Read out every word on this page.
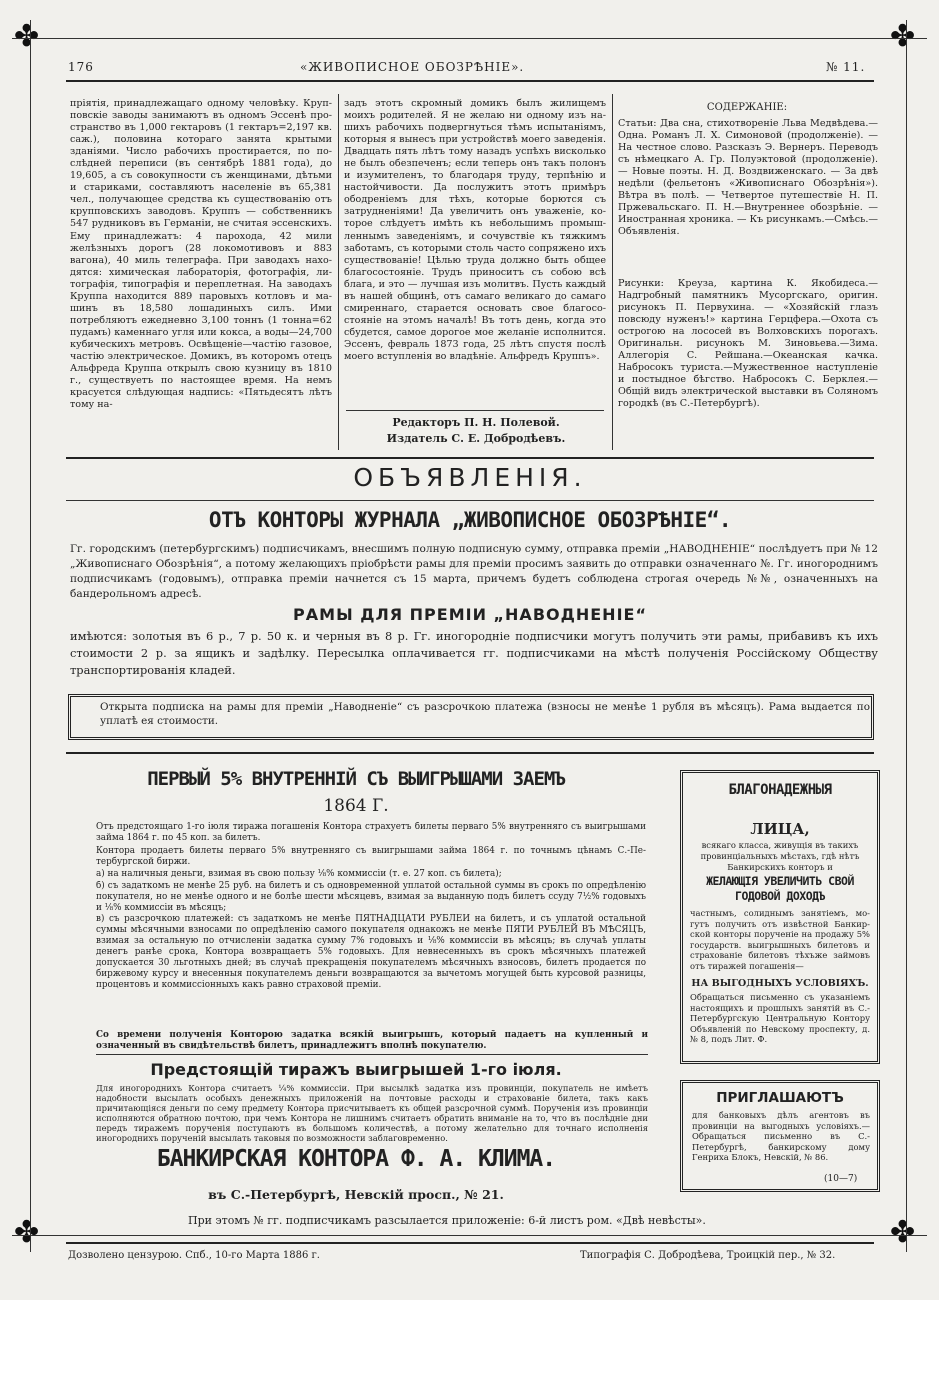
✤	✤
✤	✤
176	«ЖИВОПИСНОЕ ОБОЗРѢНІЕ».	№ 11.
пріятія, принадлежащаго одному человѣку. Крупповскіе заводы занимаютъ въ одномъ Эссенѣ пространство въ 1,000 гектаровъ (1 гектаръ=2,197 кв. саж.), половина котораго занята крытыми зданіями. Число рабочихъ простирается, по послѣдней переписи (въ сентябрѣ 1881 года), до 19,605, а съ совокупности съ женщинами, дѣтьми и стариками, составляютъ населеніе въ 65,381 чел., получающее средства къ существованію отъ крупповскихъ заводовъ. Круппъ — собственникъ 547 рудниковъ въ Германіи, не считая эссенскихъ. Ему принадлежатъ: 4 парохода, 42 мили желѣзныхъ дорогъ (28 локомотивовъ и 883 вагона), 40 миль телеграфа. При заводахъ находятся: химическая лабораторія, фотографія, литографія, типографія и переплетная. На заводахъ Круппа находится 889 паровыхъ котловъ и машинъ въ 18,580 лошадиныхъ силъ. Ими потребляютъ ежедневно 3,100 тоннъ (1 тонна=62 пудамъ) каменнаго угля или кокса, а воды—24,700 кубическихъ метровъ. Освѣщеніе—частію газовое, частію электрическое. Домикъ, въ которомъ отецъ Альфреда Круппа открылъ свою кузницу въ 1810 г., существуетъ по настоящее время. На немъ красуется слѣдующая надпись: «Пятьдесятъ лѣтъ тому на-
задъ этотъ скромный домикъ былъ жилищемъ моихъ родителей. Я не желаю ни одному изъ нашихъ рабочихъ подвергнуться тѣмъ испытаніямъ, которыя я вынесъ при устройствѣ моего заведенія. Двадцать пять лѣтъ тому назадъ успѣхъ висколько не былъ обезпеченъ; если теперь онъ такъ полонъ и изумителенъ, то благодаря труду, терпѣнію и настойчивости. Да послужитъ этотъ примѣръ ободреніемъ для тѣхъ, которые борются съ затрудненіями! Да увеличитъ онъ уваженіе, которое слѣдуетъ имѣть къ небольшимъ промышленнымъ заведеніямъ, и сочувствіе къ тяжкимъ заботамъ, съ которыми столь часто сопряжено ихъ существованіе! Цѣлью труда должно быть общее благосостояніе. Трудъ приноситъ съ собою всѣ блага, и это — лучшая изъ молитвъ. Пусть каждый въ нашей общинѣ, отъ самаго великаго до самаго смиреннаго, старается основать свое благосостояніе на этомъ началѣ! Въ тотъ день, когда это сбудется, самое дорогое мое желаніе исполнится. Эссенъ, февраль 1873 года, 25 лѣтъ спустя послѣ моего вступленія во владѣніе. Альфредъ Круппъ».
Редакторъ П. Н. Полевой.
Издатель С. Е. Добродѣевъ.
СОДЕРЖАНІЕ:
Статьи: Два сна, стихотвореніе Льва Медвѣдева.—Одна. Романъ Л. Х. Симоновой (продолженіе). — На честное слово. Разсказъ Э. Вернеръ. Переводъ съ нѣмецкаго А. Гр. Полуэктовой (продолженіе). — Новые поэты. Н. Д. Воздвиженскаго. — За двѣ недѣли (фельетонъ «Живописнаго Обозрѣнія»). Вѣтра въ полѣ. — Четвертое путешествіе Н. П. Пржевальскаго. П. Н.—Внутреннее обозрѣніе. — Иностранная хроника. — Къ рисункамъ.—Смѣсь.—Объявленія.
Рисунки: Креуза, картина К. Якобидеса.—Надгробный памятникъ Мусоргскаго, оригин. рисунокъ П. Первухина. — «Хозяйскій глазъ повсюду нуженъ!» картина Герцфера.—Охота съ острогою на лососей въ Волховскихъ порогахъ. Оригинальн. рисунокъ М. Зиновьева.—Зима. Аллегорія С. Рейшана.—Океанская качка. Набросокъ туриста.—Мужественное наступленіе и постыдное бѣгство. Набросокъ С. Берклея.—Общій видъ электрической выставки въ Соляномъ городкѣ (въ С.-Петербургѣ).
ОБЪЯВЛЕНІЯ.
ОТЪ КОНТОРЫ ЖУРНАЛА „ЖИВОПИСНОЕ ОБОЗРѢНІЕ“.
Гг. городскимъ (петербургскимъ) подписчикамъ, внесшимъ полную подписную сумму, отправка преміи „НАВОДНЕНІЕ“ послѣдуетъ при № 12 „Живописнаго Обозрѣнія“, а потому желающихъ пріобрѣсти рамы для преміи просимъ заявить до отправки означеннаго №. Гг. иногороднимъ подписчикамъ (годовымъ), отправка преміи начнется съ 15 марта, причемъ будетъ соблюдена строгая очередь №№, означенныхъ на бандерольномъ адресѣ.
РАМЫ ДЛЯ ПРЕМІИ „НАВОДНЕНІЕ“
имѣются: золотыя въ 6 р., 7 р. 50 к. и черныя въ 8 р. Гг. иногородніе подписчики могутъ получить эти рамы, прибавивъ къ ихъ стоимости 2 р. за ящикъ и задѣлку. Пересылка оплачивается гг. подписчиками на мѣстѣ полученія Россійскому Обществу транспортированія кладей.
Открыта подписка на рамы для преміи „Наводненіе“ съ разсрочкою платежа (взносы не менѣе 1 рубля въ мѣсяцъ). Рама выдается по уплатѣ ея стоимости.
ПЕРВЫЙ 5% ВНУТРЕННІЙ СЪ ВЫИГРЫШАМИ ЗАЕМЪ
1864 Г.
Отъ предстоящаго 1-го іюля тиража погашенія Контора страхуетъ билеты перваго 5% внутренняго съ выигрышами займа 1864 г. по 45 коп. за билетъ.
Контора продаетъ билеты перваго 5% внутренняго съ выигрышами займа 1864 г. по точнымъ цѣнамъ С.-Петербургской биржи.
а) на наличныя деньги, взимая въ свою пользу ⅛% коммиссіи (т. е. 27 коп. съ билета);
б) съ задаткомъ не менѣе 25 руб. на билетъ и съ одновременной уплатой остальной суммы въ срокъ по опредѣленію покупателя, но не менѣе одного и не болѣе шести мѣсяцевъ, взимая за выданную подъ билетъ ссуду 7½% годовыхъ и ⅛% коммиссіи въ мѣсяцъ;
в) съ разсрочкою платежей: съ задаткомъ не менѣе ПЯТНАДЦАТИ РУБЛЕЙ на билетъ, и съ уплатой остальной суммы мѣсячными взносами по опредѣленію самого покупателя однакожъ не менѣе ПЯТИ РУБЛЕЙ ВЪ МѢСЯЦЪ, взимая за остальную по отчисленіи задатка сумму 7% годовыхъ и ⅛% коммиссіи въ мѣсяцъ; въ случаѣ уплаты денегъ ранѣе срока, Контора возвращаетъ 5% годовыхъ. Для невнесенныхъ въ срокъ мѣсячныхъ платежей допускается 30 льготныхъ дней; въ случаѣ прекращенія покупателемъ мѣсячныхъ взносовъ, билетъ продается по биржевому курсу и внесенныя покупателемъ деньги возвращаются за вычетомъ могущей быть курсовой разницы, процентовъ и коммиссіонныхъ какъ равно страховой преміи.
Со времени полученія Конторою задатка всякій выигрышъ, который падаетъ на купленный и означенный въ свидѣтельствѣ билетъ, принадлежитъ вполнѣ покупателю.
Предстоящій тиражъ выигрышей 1-го іюля.
Для иногороднихъ Контора считаетъ ¼% коммиссіи. При высылкѣ задатка изъ провинціи, покупатель не имѣетъ надобности высылать особыхъ денежныхъ приложеній на почтовые расходы и страхованіе билета, такъ какъ причитающіяся деньги по сему предмету Контора присчитываетъ къ общей разсрочной суммѣ. Порученія изъ провинціи исполняются обратною почтою, при чемъ Контора не лишнимъ считаетъ обратить вниманіе на то, что въ послѣдніе дни передъ тиражемъ порученія поступаютъ въ большомъ количествѣ, а потому желательно для точнаго исполненія иногороднихъ порученій высылать таковыя по возможности заблаговременно.
БАНКИРСКАЯ КОНТОРА Ф. А. КЛИМА.
въ С.-Петербургѣ, Невскій просп., № 21.
БЛАГОНАДЕЖНЫЯ
ЛИЦА,
всякаго класса, живущія въ такихъ провинціальныхъ мѣстахъ, гдѣ нѣтъ Банкирскихъ конторъ и
ЖЕЛАЮЩІЯ УВЕЛИЧИТЬ СВОЙ ГОДОВОЙ ДОХОДЪ
частнымъ, солиднымъ занятіемъ, могутъ получить отъ извѣстной Банкирской конторы порученіе на продажу 5% государств. выигрышныхъ билетовъ и страхованіе билетовъ тѣхъже займовъ отъ тиражей погашенія—
НА ВЫГОДНЫХЪ УСЛОВІЯХЪ.
Обращаться письменно съ указаніемъ настоящихъ и прошлыхъ занятій въ С.-Петербургскую Центральную Контору Объявленій по Невскому проспекту, д. № 8, подъ Лит. Ф.
ПРИГЛАШАЮТЪ
для банковыхъ дѣлъ агентовъ въ провинціи на выгодныхъ условіяхъ.—Обращаться письменно въ С.-Петербургѣ, банкирскому дому Генриха Блокъ, Невскій, № 86.
(10—7)
При этомъ № гг. подписчикамъ разсылается приложеніе: 6-й листъ ром. «Двѣ невѣсты».
Дозволено цензурою. Спб., 10-го Марта 1886 г.	Типографія С. Добродѣева, Троицкій пер., № 32.
